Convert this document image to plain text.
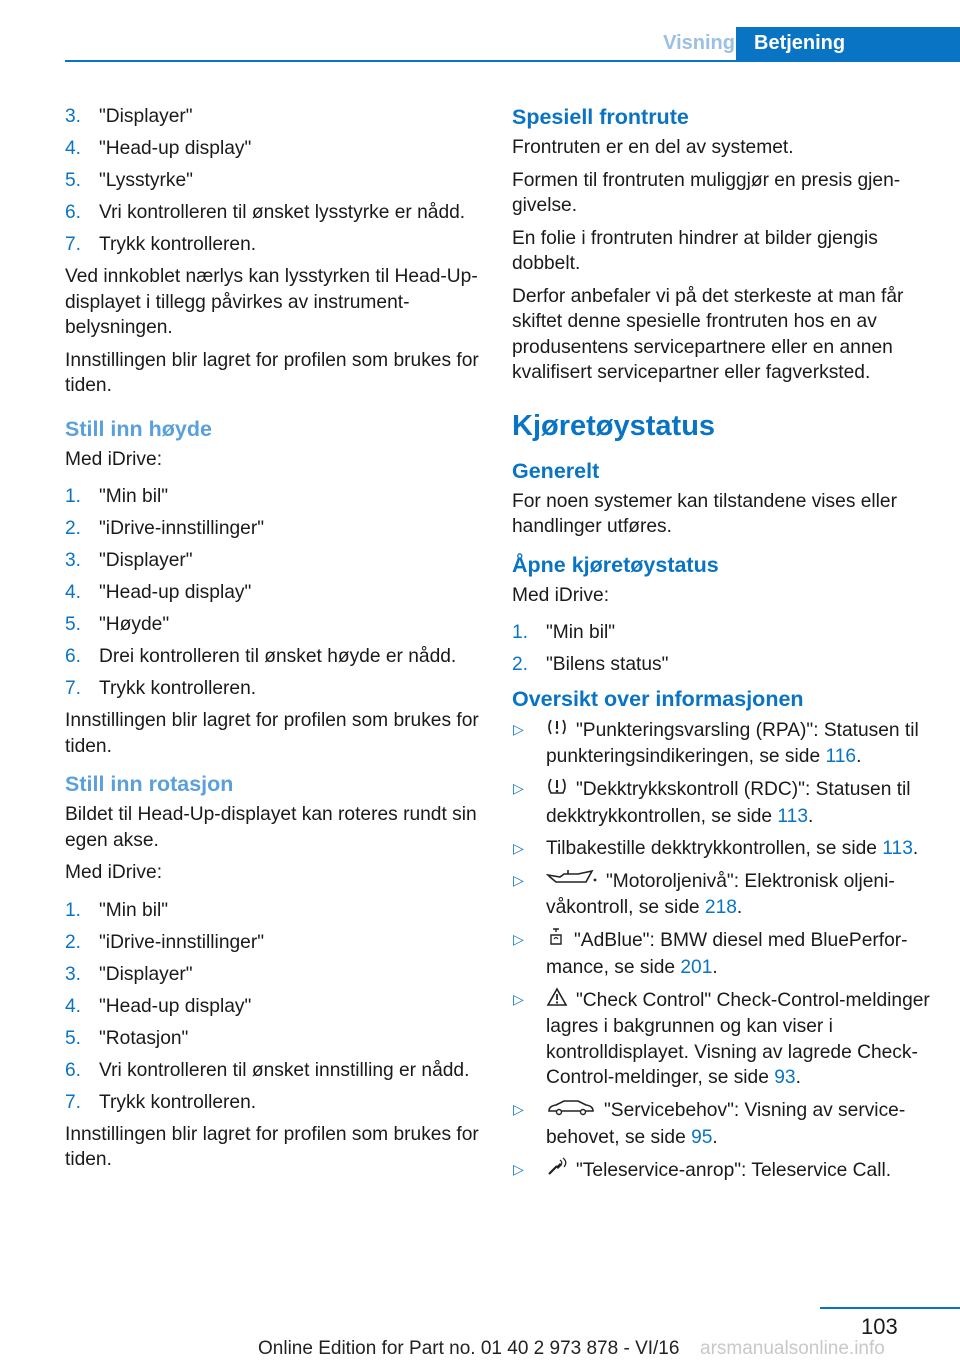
Visning Betjening
3. "Displayer"
4. "Head-up display"
5. "Lysstyrke"
6. Vri kontrolleren til ønsket lysstyrke er nådd.
7. Trykk kontrolleren.

Ved innkoblet nærlys kan lysstyrken til Head-Up-displayet i tillegg påvirkes av instrumentbelysningen.

Innstillingen blir lagret for profilen som brukes for tiden.

Still inn høyde

Med iDrive:

1. "Min bil"
2. "iDrive-innstillinger"
3. "Displayer"
4. "Head-up display"
5. "Høyde"
6. Drei kontrolleren til ønsket høyde er nådd.
7. Trykk kontrolleren.

Innstillingen blir lagret for profilen som brukes for tiden.

Still inn rotasjon

Bildet til Head-Up-displayet kan roteres rundt sin egen akse.

Med iDrive:

1. "Min bil"
2. "iDrive-innstillinger"
3. "Displayer"
4. "Head-up display"
5. "Rotasjon"
6. Vri kontrolleren til ønsket innstilling er nådd.
7. Trykk kontrolleren.

Innstillingen blir lagret for profilen som brukes for tiden.

Spesiell frontrute

Frontruten er en del av systemet.

Formen til frontruten muliggjør en presis gjengivelse.

En folie i frontruten hindrer at bilder gjengis dobbelt.

Derfor anbefaler vi på det sterkeste at man får skiftet denne spesielle frontruten hos en av produsentens servicepartnere eller en annen kvalifisert servicepartner eller fagverksted.

Kjøretøystatus
Generelt

For noen systemer kan tilstandene vises eller handlinger utføres.

Åpne kjøretøystatus

Med iDrive:

1. "Min bil"
2. "Bilens status"
Oversikt over informasjonen
▷	"Punkteringsvarsling (RPA)": Statusen til punkteringsindikeringen, se side 116.
▷	"Dekktrykkskontroll (RDC)": Statusen til dekktrykkontrollen, se side 113.
▷ Tilbakestille dekktrykkontrollen, se side 113.
▷	"Motoroljenivå": Elektronisk oljenivåkontroll, se side 218.
▷	"AdBlue": BMW diesel med BluePerformance, se side 201.
▷	"Check Control" Check-Control-meldinger lagres i bakgrunnen og kan viser i kontrolldisplayet. Visning av lagrede Check-Control-meldinger, se side 93.
▷	"Servicebehov": Visning av servicebehovet, se side 95.
▷	"Teleservice-anrop": Teleservice Call.
103
Online Edition for Part no. 01 40 2 973 878 - VI/16 arsmanualsonline.info
